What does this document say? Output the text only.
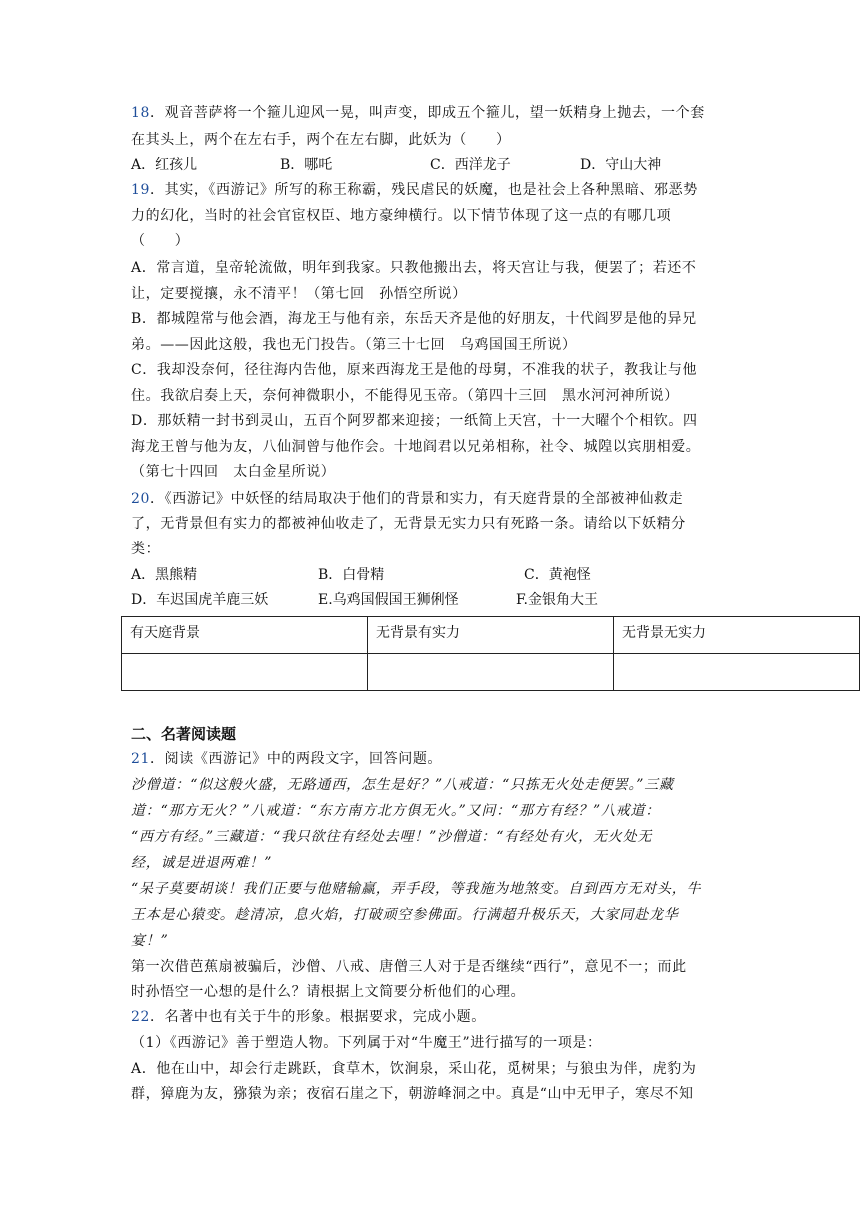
18．观音菩萨将一个箍儿迎风一晃，叫声变，即成五个箍儿，望一妖精身上抛去，一个套
在其头上，两个在左右手，两个在左右脚，此妖为（　　）
A．红孩儿	B．哪吒	C．西洋龙子	D．守山大神
19．其实，《西游记》所写的称王称霸，残民虐民的妖魔，也是社会上各种黑暗、邪恶势
力的幻化，当时的社会官宦权臣、地方豪绅横行。以下情节体现了这一点的有哪几项
（　　）
A．常言道，皇帝轮流做，明年到我家。只教他搬出去，将天宫让与我，便罢了；若还不
让，定要搅攘，永不清平！（第七回　孙悟空所说）
B．都城隍常与他会酒，海龙王与他有亲，东岳天齐是他的好朋友，十代阎罗是他的异兄
弟。——因此这般，我也无门投告。（第三十七回　乌鸡国国王所说）
C．我却没奈何，径往海内告他，原来西海龙王是他的母舅，不准我的状子，教我让与他
住。我欲启奏上天，奈何神微职小，不能得见玉帝。（第四十三回　黑水河河神所说）
D．那妖精一封书到灵山，五百个阿罗都来迎接；一纸简上天宫，十一大曜个个相钦。四
海龙王曾与他为友，八仙洞曾与他作会。十地阎君以兄弟相称，社令、城隍以宾朋相爱。
（第七十四回　太白金星所说）
20．《西游记》中妖怪的结局取决于他们的背景和实力，有天庭背景的全部被神仙救走
了，无背景但有实力的都被神仙收走了，无背景无实力只有死路一条。请给以下妖精分
类：
A．黑熊精	B．白骨精	C．黄袍怪
D．车迟国虎羊鹿三妖	E.乌鸡国假国王狮俐怪	F.金银角大王
有天庭背景	无背景有实力	无背景无实力

二、名著阅读题
21．阅读《西游记》中的两段文字，回答问题。
沙僧道：“似这般火盛，无路通西，怎生是好？”八戒道：“只拣无火处走便罢。”三藏
道：“那方无火？”八戒道：“东方南方北方俱无火。”又问：“那方有经？”八戒道：
“西方有经。”三藏道：“我只欲往有经处去哩！”沙僧道：“有经处有火，无火处无
经，诚是进退两难！”
“呆子莫要胡谈！我们正要与他赌输赢，弄手段，等我施为地煞变。自到西方无对头，牛
王本是心猿变。趁清凉，息火焰，打破顽空参佛面。行满超升极乐天，大家同赴龙华
宴！”
第一次借芭蕉扇被骗后，沙僧、八戒、唐僧三人对于是否继续“西行”，意见不一；而此
时孙悟空一心想的是什么？请根据上文简要分析他们的心理。
22．名著中也有关于牛的形象。根据要求，完成小题。
（1）《西游记》善于塑造人物。下列属于对“牛魔王”进行描写的一项是：
A．他在山中，却会行走跳跃，食草木，饮涧泉，采山花，觅树果；与狼虫为伴，虎豹为
群，獐鹿为友，猕猿为亲；夜宿石崖之下，朝游峰洞之中。真是“山中无甲子，寒尽不知
